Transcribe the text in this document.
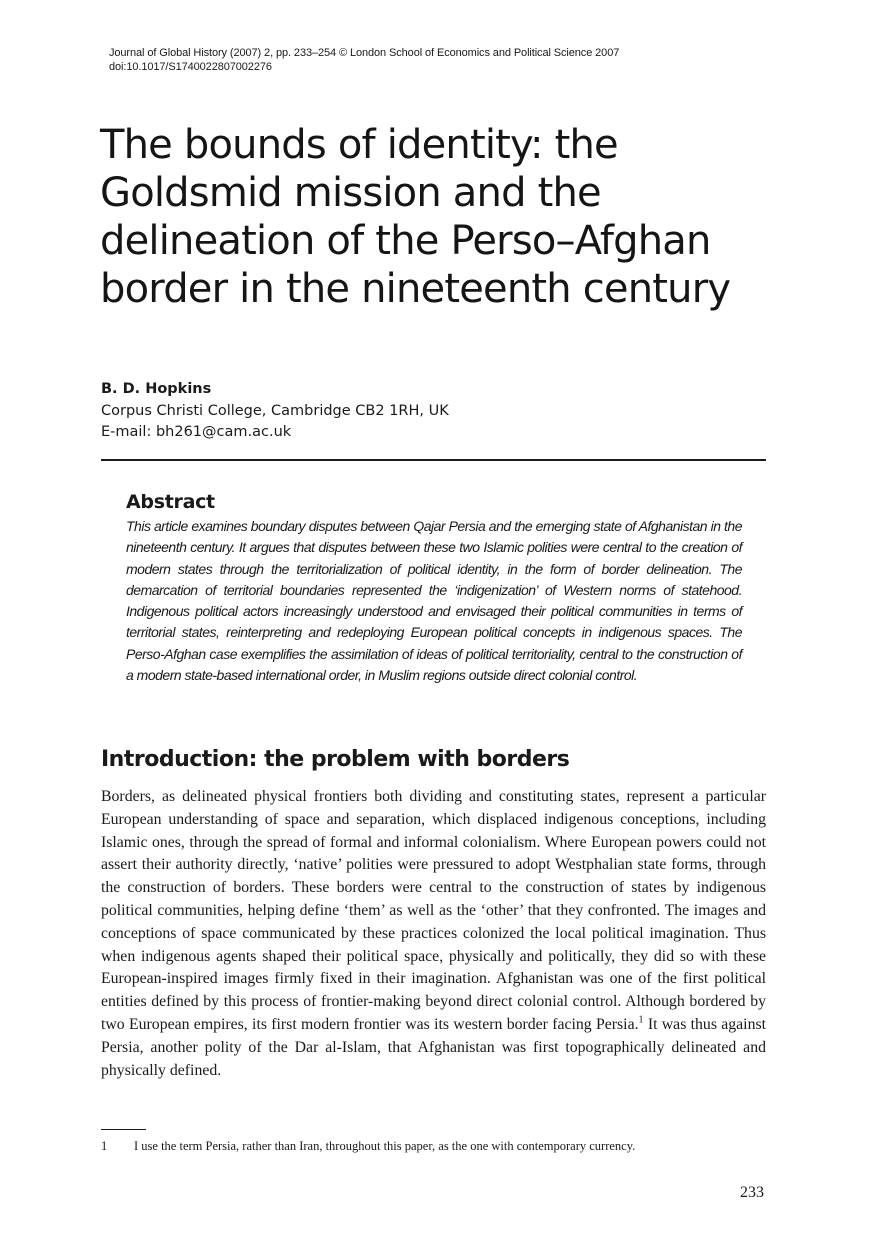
Journal of Global History (2007) 2, pp. 233–254 © London School of Economics and Political Science 2007
doi:10.1017/S1740022807002276
The bounds of identity: the Goldsmid mission and the delineation of the Perso–Afghan border in the nineteenth century

B. D. Hopkins

Corpus Christi College, Cambridge CB2 1RH, UK
E-mail: bh261@cam.ac.uk
Abstract

This article examines boundary disputes between Qajar Persia and the emerging state of Afghanistan in the nineteenth century. It argues that disputes between these two Islamic polities were central to the creation of modern states through the territorialization of political identity, in the form of border delineation. The demarcation of territorial boundaries represented the ‘indigenization’ of Western norms of statehood. Indigenous political actors increasingly understood and envisaged their political communities in terms of territorial states, reinterpreting and redeploying European political concepts in indigenous spaces. The Perso-Afghan case exemplifies the assimilation of ideas of political territoriality, central to the construction of a modern state-based international order, in Muslim regions outside direct colonial control.

Introduction: the problem with borders

Borders, as delineated physical frontiers both dividing and constituting states, represent a particular European understanding of space and separation, which displaced indigenous conceptions, including Islamic ones, through the spread of formal and informal colonialism. Where European powers could not assert their authority directly, ‘native’ polities were pressured to adopt Westphalian state forms, through the construction of borders. These borders were central to the construction of states by indigenous political communities, helping define ‘them’ as well as the ‘other’ that they confronted. The images and conceptions of space communicated by these practices colonized the local political imagination. Thus when indigenous agents shaped their political space, physically and politically, they did so with these European-inspired images firmly fixed in their imagination. Afghanistan was one of the first political entities defined by this process of frontier-making beyond direct colonial control. Although bordered by two European empires, its first modern frontier was its western border facing Persia.$^1$ It was thus against Persia, another polity of the Dar al-Islam, that Afghanistan was first topographically delineated and physically defined.

1 I use the term Persia, rather than Iran, throughout this paper, as the one with contemporary currency.
233
